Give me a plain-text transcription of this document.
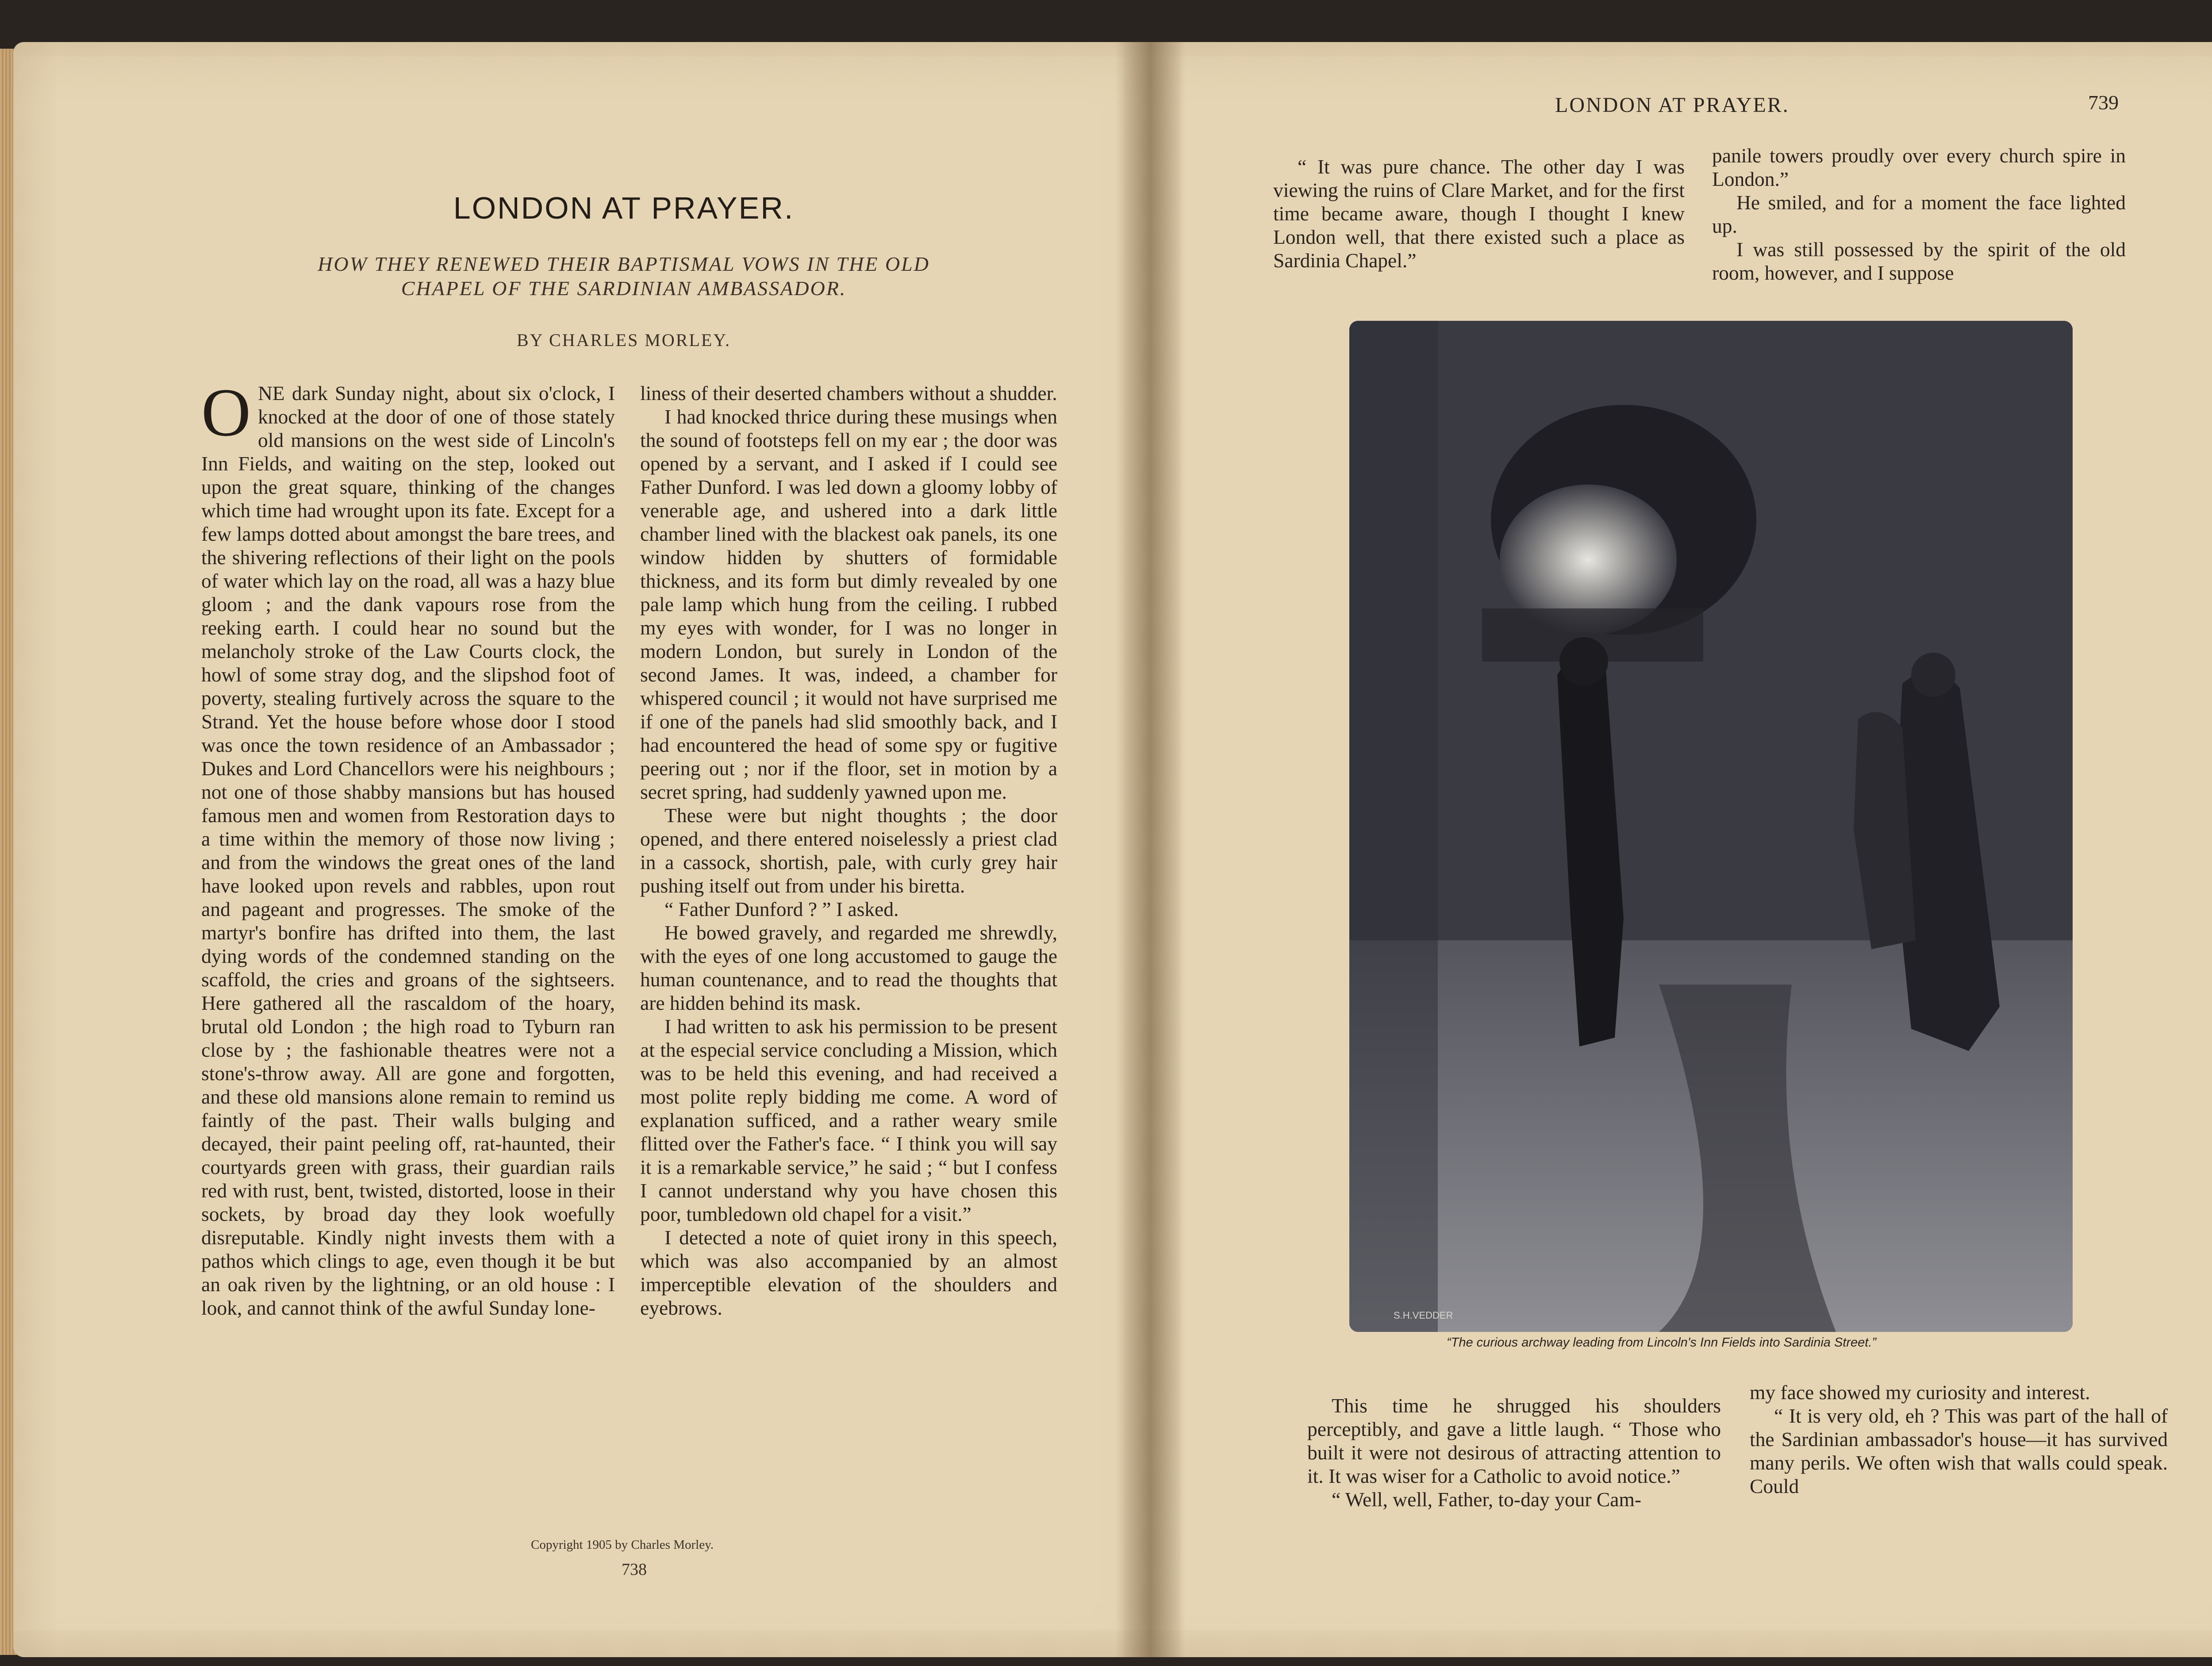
LONDON AT PRAYER.
HOW THEY RENEWED THEIR BAPTISMAL VOWS IN THE OLD
CHAPEL OF THE SARDINIAN AMBASSADOR.
BY CHARLES MORLEY.

ONE dark Sunday night, about six o'clock, I knocked at the door of one of those stately old mansions on the west side of Lincoln's Inn Fields, and waiting on the step, looked out upon the great square, thinking of the changes which time had wrought upon its fate. Except for a few lamps dotted about amongst the bare trees, and the shivering reflections of their light on the pools of water which lay on the road, all was a hazy blue gloom ; and the dank vapours rose from the reeking earth. I could hear no sound but the melancholy stroke of the Law Courts clock, the howl of some stray dog, and the slipshod foot of poverty, stealing furtively across the square to the Strand. Yet the house before whose door I stood was once the town residence of an Ambassador ; Dukes and Lord Chancellors were his neighbours ; not one of those shabby mansions but has housed famous men and women from Restoration days to a time within the memory of those now living ; and from the windows the great ones of the land have looked upon revels and rabbles, upon rout and pageant and progresses. The smoke of the martyr's bonfire has drifted into them, the last dying words of the condemned standing on the scaffold, the cries and groans of the sightseers. Here gathered all the rascaldom of the hoary, brutal old London ; the high road to Tyburn ran close by ; the fashionable theatres were not a stone's-throw away. All are gone and forgotten, and these old mansions alone remain to remind us faintly of the past. Their walls bulging and decayed, their paint peeling off, rat-haunted, their courtyards green with grass, their guardian rails red with rust, bent, twisted, distorted, loose in their sockets, by broad day they look woefully disreputable. Kindly night invests them with a pathos which clings to age, even though it be but an oak riven by the lightning, or an old house : I look, and cannot think of the awful Sunday lone-

liness of their deserted chambers without a shudder.

I had knocked thrice during these musings when the sound of footsteps fell on my ear ; the door was opened by a servant, and I asked if I could see Father Dunford. I was led down a gloomy lobby of venerable age, and ushered into a dark little chamber lined with the blackest oak panels, its one window hidden by shutters of formidable thickness, and its form but dimly revealed by one pale lamp which hung from the ceiling. I rubbed my eyes with wonder, for I was no longer in modern London, but surely in London of the second James. It was, indeed, a chamber for whispered council ; it would not have surprised me if one of the panels had slid smoothly back, and I had encountered the head of some spy or fugitive peering out ; nor if the floor, set in motion by a secret spring, had suddenly yawned upon me.

These were but night thoughts ; the door opened, and there entered noiselessly a priest clad in a cassock, shortish, pale, with curly grey hair pushing itself out from under his biretta.

“ Father Dunford ? ” I asked.

He bowed gravely, and regarded me shrewdly, with the eyes of one long accustomed to gauge the human countenance, and to read the thoughts that are hidden behind its mask.

I had written to ask his permission to be present at the especial service concluding a Mission, which was to be held this evening, and had received a most polite reply bidding me come. A word of explanation sufficed, and a rather weary smile flitted over the Father's face. “ I think you will say it is a remarkable service,” he said ; “ but I confess I cannot understand why you have chosen this poor, tumbledown old chapel for a visit.”

I detected a note of quiet irony in this speech, which was also accompanied by an almost imperceptible elevation of the shoulders and eyebrows.

Copyright 1905 by Charles Morley.
738
LONDON AT PRAYER.	739

“ It was pure chance. The other day I was viewing the ruins of Clare Market, and for the first time became aware, though I thought I knew London well, that there existed such a place as Sardinia Chapel.”

panile towers proudly over every church spire in London.”

He smiled, and for a moment the face lighted up.

I was still possessed by the spirit of the old room, however, and I suppose

S.H.VEDDER
“The curious archway leading from Lincoln's Inn Fields into Sardinia Street.”

This time he shrugged his shoulders perceptibly, and gave a little laugh. “ Those who built it were not desirous of attracting attention to it. It was wiser for a Catholic to avoid notice.”

“ Well, well, Father, to-day your Cam-

my face showed my curiosity and interest.

“ It is very old, eh ? This was part of the hall of the Sardinian ambassador's house—it has survived many perils. We often wish that walls could speak. Could
